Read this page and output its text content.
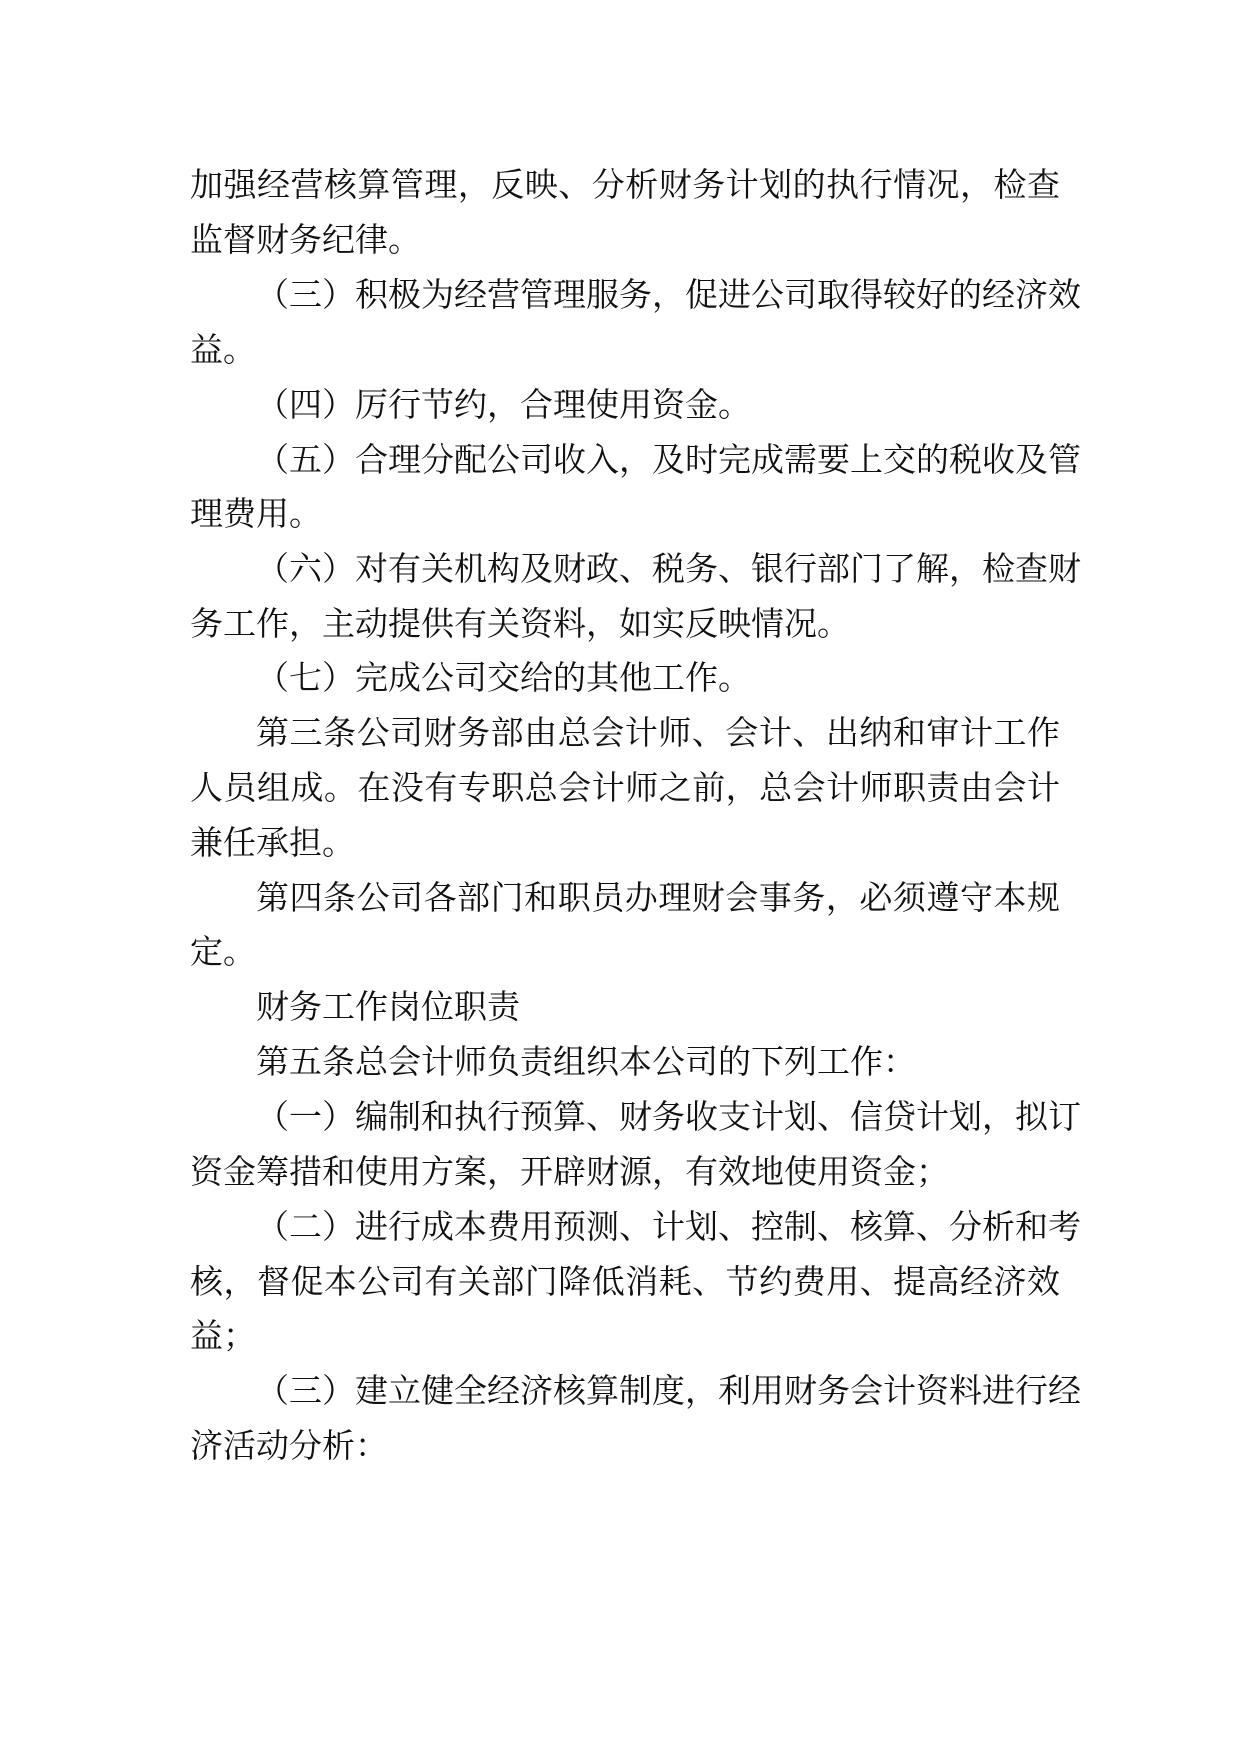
加强经营核算管理，反映、分析财务计划的执行情况，检查
监督财务纪律。
（三）积极为经营管理服务，促进公司取得较好的经济效
益。
（四）厉行节约，合理使用资金。
（五）合理分配公司收入，及时完成需要上交的税收及管
理费用。
（六）对有关机构及财政、税务、银行部门了解，检查财
务工作，主动提供有关资料，如实反映情况。
（七）完成公司交给的其他工作。
第三条公司财务部由总会计师、会计、出纳和审计工作
人员组成。在没有专职总会计师之前，总会计师职责由会计
兼任承担。
第四条公司各部门和职员办理财会事务，必须遵守本规
定。
财务工作岗位职责
第五条总会计师负责组织本公司的下列工作：
（一）编制和执行预算、财务收支计划、信贷计划，拟订
资金筹措和使用方案，开辟财源，有效地使用资金；
（二）进行成本费用预测、计划、控制、核算、分析和考
核，督促本公司有关部门降低消耗、节约费用、提高经济效
益；
（三）建立健全经济核算制度，利用财务会计资料进行经
济活动分析：
